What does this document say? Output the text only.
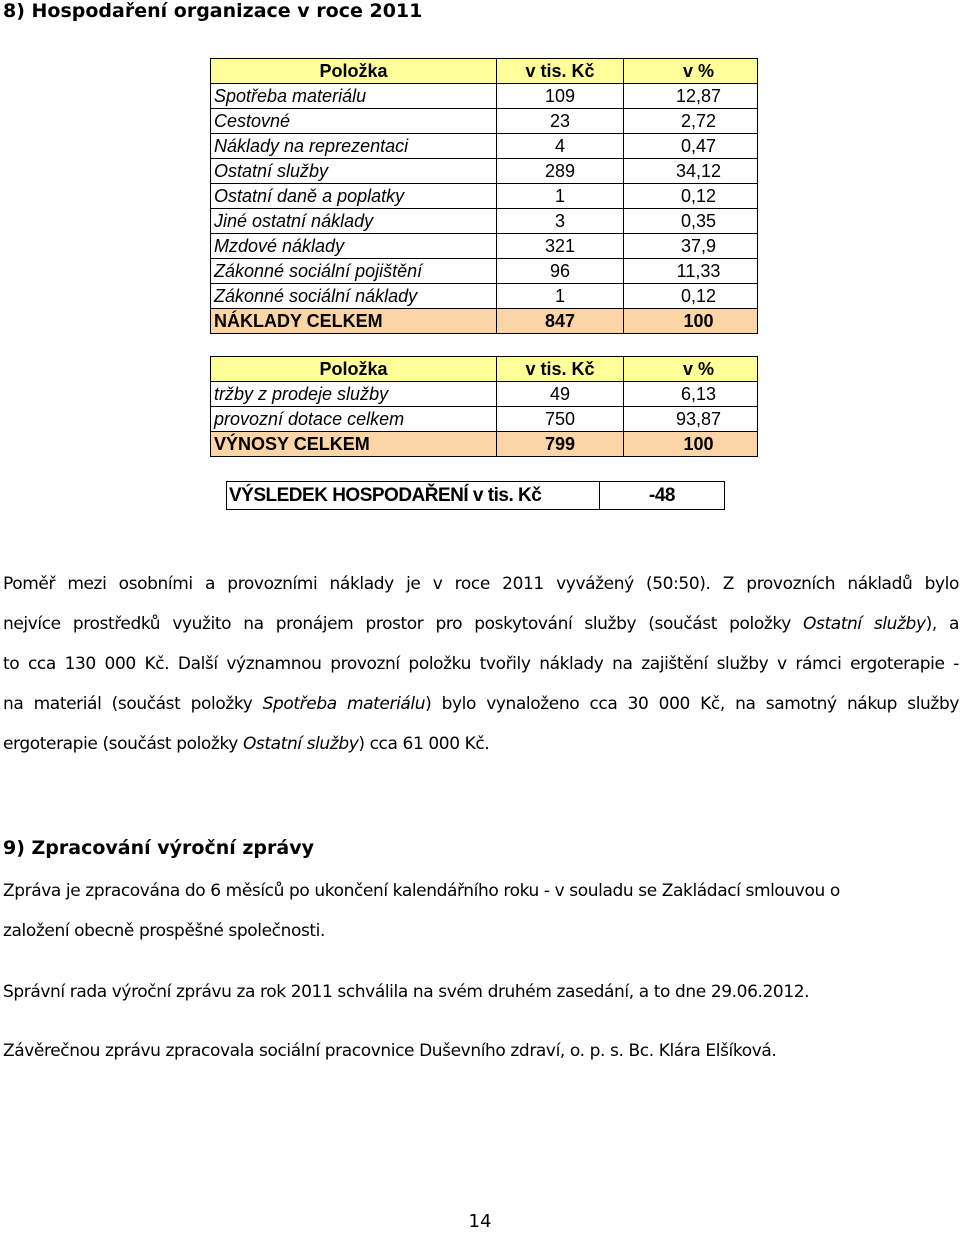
8) Hospodaření organizace v roce 2011
Položka	v tis. Kč	v %
Spotřeba materiálu	109	12,87
Cestovné	23	2,72
Náklady na reprezentaci	4	0,47
Ostatní služby	289	34,12
Ostatní daně a poplatky	1	0,12
Jiné ostatní náklady	3	0,35
Mzdové náklady	321	37,9
Zákonné sociální pojištění	96	11,33
Zákonné sociální náklady	1	0,12
NÁKLADY CELKEM	847	100
Položka	v tis. Kč	v %
tržby z prodeje služby	49	6,13
provozní dotace celkem	750	93,87
VÝNOSY CELKEM	799	100
VÝSLEDEK HOSPODAŘENÍ v tis. Kč	-48
Poměř mezi osobními a provozními náklady je v roce 2011 vyvážený (50:50). Z provozních nákladů bylo
nejvíce prostředků využito na pronájem prostor pro poskytování služby (součást položky Ostatní služby), a
to cca 130 000 Kč. Další významnou provozní položku tvořily náklady na zajištění služby v rámci ergoterapie -
na materiál (součást položky Spotřeba materiálu) bylo vynaloženo cca 30 000 Kč, na samotný nákup služby
ergoterapie (součást položky Ostatní služby) cca 61 000 Kč.
9) Zpracování výroční zprávy

Zpráva je zpracována do 6 měsíců po ukončení kalendářního roku - v souladu se Zakládací smlouvou o

založení obecně prospěšné společnosti.

Správní rada výroční zprávu za rok 2011 schválila na svém druhém zasedání, a to dne 29.06.2012.

Závěrečnou zprávu zpracovala sociální pracovnice Duševního zdraví, o. p. s. Bc. Klára Elšíková.

14
